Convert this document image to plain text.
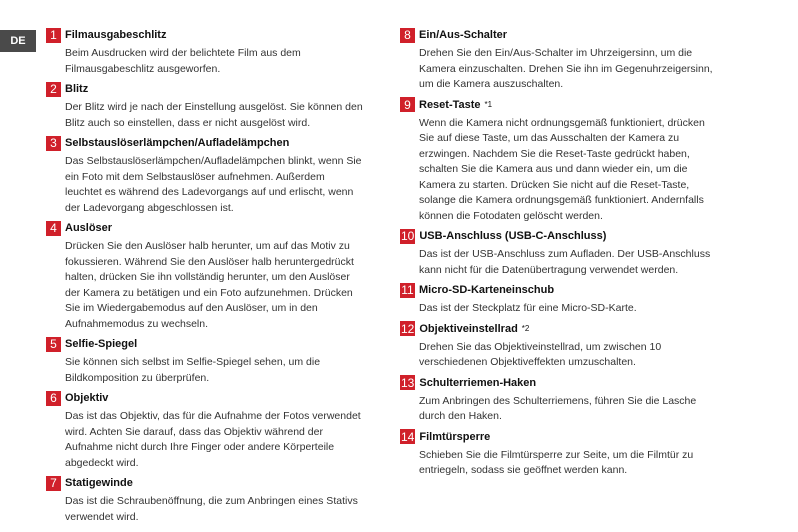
DE	1 Filmausgabeschlitz
Beim Ausdrucken wird der belichtete Film aus dem Filmausgabeschlitz ausgeworfen.
2 Blitz
Der Blitz wird je nach der Einstellung ausgelöst. Sie können den Blitz auch so einstellen, dass er nicht ausgelöst wird.
3 Selbstauslöserlämpchen/Aufladelämpchen
Das Selbstauslöserlämpchen/Aufladelämpchen blinkt, wenn Sie ein Foto mit dem Selbstauslöser aufnehmen. Außerdem leuchtet es während des Ladevorgangs auf und erlischt, wenn der Ladevorgang abgeschlossen ist.
4 Auslöser
Drücken Sie den Auslöser halb herunter, um auf das Motiv zu fokussieren. Während Sie den Auslöser halb heruntergedrückt halten, drücken Sie ihn vollständig herunter, um den Auslöser der Kamera zu betätigen und ein Foto aufzunehmen. Drücken Sie im Wiedergabemodus auf den Auslöser, um in den Aufnahmemodus zu wechseln.
5 Selfie-Spiegel
Sie können sich selbst im Selfie-Spiegel sehen, um die Bildkomposition zu überprüfen.
6 Objektiv
Das ist das Objektiv, das für die Aufnahme der Fotos verwendet wird. Achten Sie darauf, dass das Objektiv während der Aufnahme nicht durch Ihre Finger oder andere Körperteile abgedeckt wird.
7 Statigewinde
Das ist die Schraubenöffnung, die zum Anbringen eines Stativs verwendet wird.
8 Ein/Aus-Schalter
Drehen Sie den Ein/Aus-Schalter im Uhrzeigersinn, um die Kamera einzuschalten. Drehen Sie ihn im Gegenuhrzeigersinn, um die Kamera auszuschalten.
9 Reset-Taste *1
Wenn die Kamera nicht ordnungsgemäß funktioniert, drücken Sie auf diese Taste, um das Ausschalten der Kamera zu erzwingen. Nachdem Sie die Reset-Taste gedrückt haben, schalten Sie die Kamera aus und dann wieder ein, um die Kamera zu starten. Drücken Sie nicht auf die Reset-Taste, solange die Kamera ordnungsgemäß funktioniert. Andernfalls können die Fotodaten gelöscht werden.
10 USB-Anschluss (USB-C-Anschluss)
Das ist der USB-Anschluss zum Aufladen. Der USB-Anschluss kann nicht für die Datenübertragung verwendet werden.
11 Micro-SD-Karteneinschub
Das ist der Steckplatz für eine Micro-SD-Karte.
12 Objektiveinstellrad *2
Drehen Sie das Objektiveinstellrad, um zwischen 10 verschiedenen Objektiveffekten umzuschalten.
13 Schulterriemen-Haken
Zum Anbringen des Schulterriemens, führen Sie die Lasche durch den Haken.
14 Filmtürsperre
Schieben Sie die Filmtürsperre zur Seite, um die Filmtür zu entriegeln, sodass sie geöffnet werden kann.
